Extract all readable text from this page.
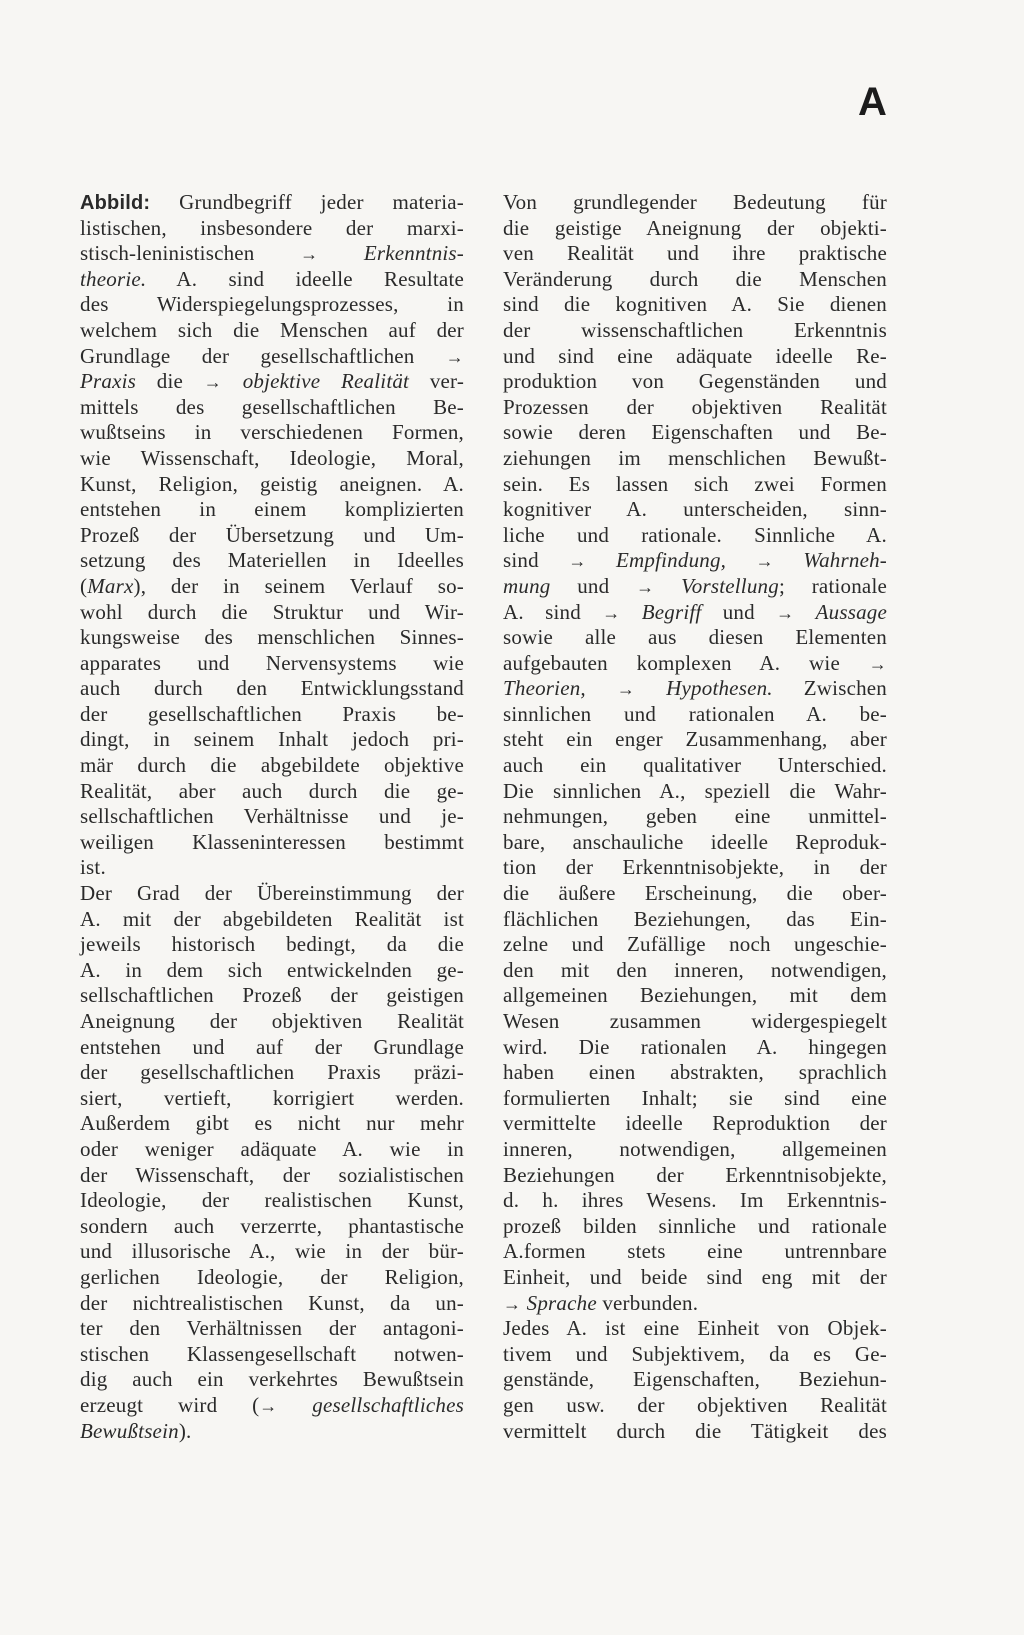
A
Abbild: Grundbegriff jeder materia-
listischen, insbesondere der marxi-
stisch-leninistischen → Erkenntnis-
theorie. A. sind ideelle Resultate
des Widerspiegelungsprozesses, in
welchem sich die Menschen auf der
Grundlage der gesellschaftlichen →
Praxis die → objektive Realität ver-
mittels des gesellschaftlichen Be-
wußtseins in verschiedenen Formen,
wie Wissenschaft, Ideologie, Moral,
Kunst, Religion, geistig aneignen. A.
entstehen in einem komplizierten
Prozeß der Übersetzung und Um-
setzung des Materiellen in Ideelles
(Marx), der in seinem Verlauf so-
wohl durch die Struktur und Wir-
kungsweise des menschlichen Sinnes-
apparates und Nervensystems wie
auch durch den Entwicklungsstand
der gesellschaftlichen Praxis be-
dingt, in seinem Inhalt jedoch pri-
mär durch die abgebildete objektive
Realität, aber auch durch die ge-
sellschaftlichen Verhältnisse und je-
weiligen Klasseninteressen bestimmt
ist.
Der Grad der Übereinstimmung der
A. mit der abgebildeten Realität ist
jeweils historisch bedingt, da die
A. in dem sich entwickelnden ge-
sellschaftlichen Prozeß der geistigen
Aneignung der objektiven Realität
entstehen und auf der Grundlage
der gesellschaftlichen Praxis präzi-
siert, vertieft, korrigiert werden.
Außerdem gibt es nicht nur mehr
oder weniger adäquate A. wie in
der Wissenschaft, der sozialistischen
Ideologie, der realistischen Kunst,
sondern auch verzerrte, phantastische
und illusorische A., wie in der bür-
gerlichen Ideologie, der Religion,
der nichtrealistischen Kunst, da un-
ter den Verhältnissen der antagoni-
stischen Klassengesellschaft notwen-
dig auch ein verkehrtes Bewußtsein
erzeugt wird (→ gesellschaftliches
Bewußtsein).
Von grundlegender Bedeutung für
die geistige Aneignung der objekti-
ven Realität und ihre praktische
Veränderung durch die Menschen
sind die kognitiven A. Sie dienen
der wissenschaftlichen Erkenntnis
und sind eine adäquate ideelle Re-
produktion von Gegenständen und
Prozessen der objektiven Realität
sowie deren Eigenschaften und Be-
ziehungen im menschlichen Bewußt-
sein. Es lassen sich zwei Formen
kognitiver A. unterscheiden, sinn-
liche und rationale. Sinnliche A.
sind → Empfindung, → Wahrneh-
mung und → Vorstellung; rationale
A. sind → Begriff und → Aussage
sowie alle aus diesen Elementen
aufgebauten komplexen A. wie →
Theorien, → Hypothesen. Zwischen
sinnlichen und rationalen A. be-
steht ein enger Zusammenhang, aber
auch ein qualitativer Unterschied.
Die sinnlichen A., speziell die Wahr-
nehmungen, geben eine unmittel-
bare, anschauliche ideelle Reproduk-
tion der Erkenntnisobjekte, in der
die äußere Erscheinung, die ober-
flächlichen Beziehungen, das Ein-
zelne und Zufällige noch ungeschie-
den mit den inneren, notwendigen,
allgemeinen Beziehungen, mit dem
Wesen zusammen widergespiegelt
wird. Die rationalen A. hingegen
haben einen abstrakten, sprachlich
formulierten Inhalt; sie sind eine
vermittelte ideelle Reproduktion der
inneren, notwendigen, allgemeinen
Beziehungen der Erkenntnisobjekte,
d. h. ihres Wesens. Im Erkenntnis-
prozeß bilden sinnliche und rationale
A.formen stets eine untrennbare
Einheit, und beide sind eng mit der
→ Sprache verbunden.
Jedes A. ist eine Einheit von Objek-
tivem und Subjektivem, da es Ge-
genstände, Eigenschaften, Beziehun-
gen usw. der objektiven Realität
vermittelt durch die Tätigkeit des
